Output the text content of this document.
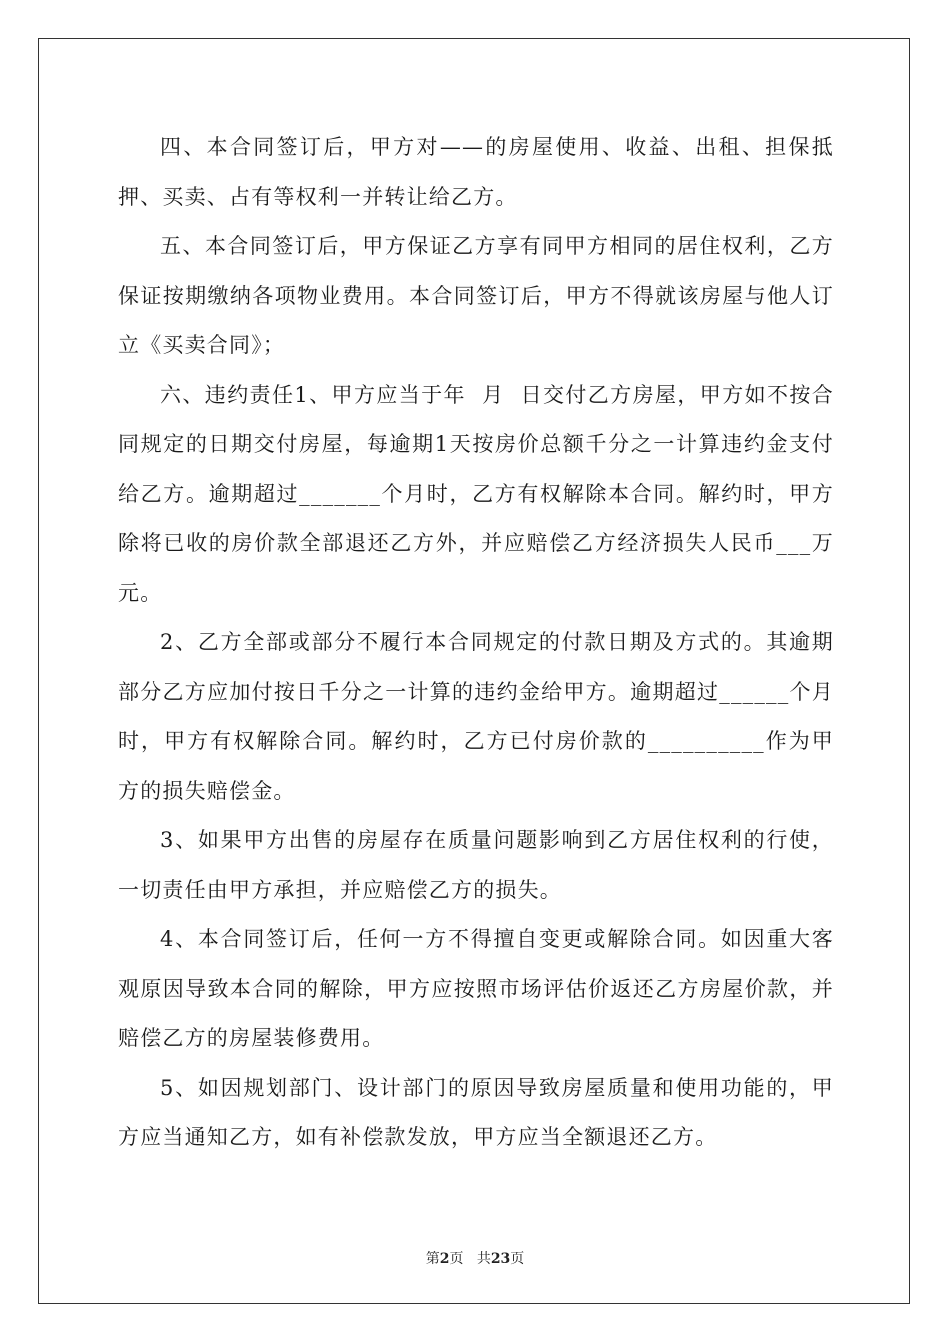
四、本合同签订后，甲方对——的房屋使用、收益、出租、担保抵押、买卖、占有等权利一并转让给乙方。

五、本合同签订后，甲方保证乙方享有同甲方相同的居住权利，乙方保证按期缴纳各项物业费用。本合同签订后，甲方不得就该房屋与他人订立《买卖合同》；

六、违约责任1、甲方应当于年  月  日交付乙方房屋，甲方如不按合同规定的日期交付房屋，每逾期1天按房价总额千分之一计算违约金支付给乙方。逾期超过_______个月时，乙方有权解除本合同。解约时，甲方除将已收的房价款全部退还乙方外，并应赔偿乙方经济损失人民币___万元。

2、乙方全部或部分不履行本合同规定的付款日期及方式的。其逾期部分乙方应加付按日千分之一计算的违约金给甲方。逾期超过______个月时，甲方有权解除合同。解约时，乙方已付房价款的__________作为甲方的损失赔偿金。

3、如果甲方出售的房屋存在质量问题影响到乙方居住权利的行使，一切责任由甲方承担，并应赔偿乙方的损失。

4、本合同签订后，任何一方不得擅自变更或解除合同。如因重大客观原因导致本合同的解除，甲方应按照市场评估价返还乙方房屋价款，并赔偿乙方的房屋装修费用。

5、如因规划部门、设计部门的原因导致房屋质量和使用功能的，甲方应当通知乙方，如有补偿款发放，甲方应当全额退还乙方。

第2页 共23页
